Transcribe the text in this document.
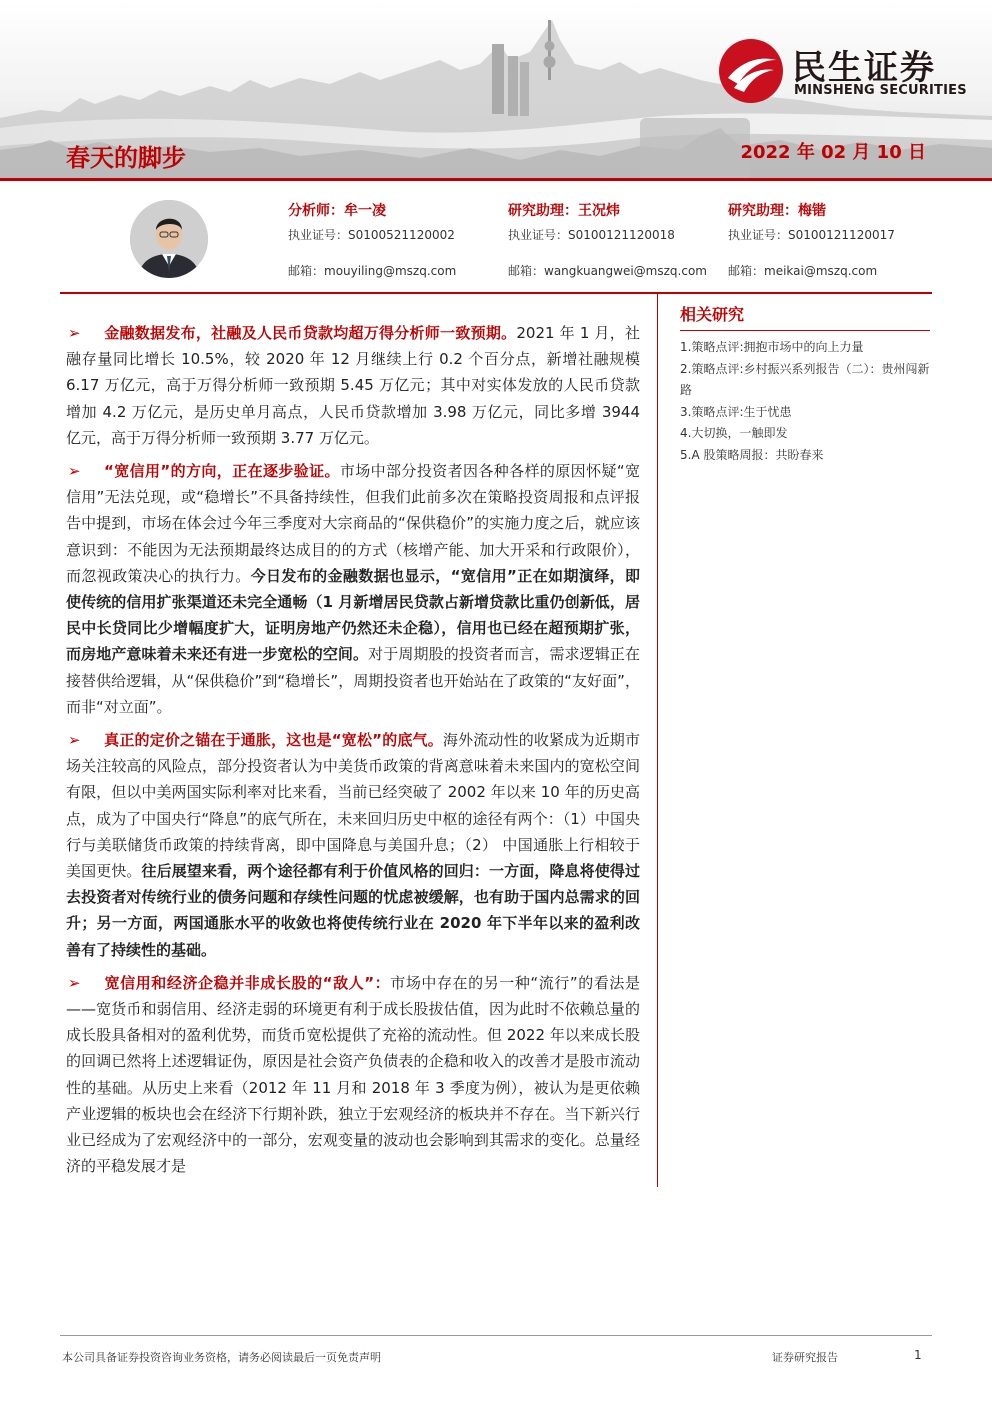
民生证券
MINSHENG SECURITIES
春天的脚步	2022 年 02 月 10 日
分析师：牟一凌
执业证号：S0100521120002
邮箱：mouyiling@mszq.com
研究助理：王况炜
执业证号：S0100121120018
邮箱：wangkuangwei@mszq.com
研究助理：梅锴
执业证号：S0100121120017
邮箱：meikai@mszq.com

➢ 金融数据发布，社融及人民币贷款均超万得分析师一致预期。2021 年 1 月，社融存量同比增长 10.5%，较 2020 年 12 月继续上行 0.2 个百分点，新增社融规模 6.17 万亿元，高于万得分析师一致预期 5.45 万亿元；其中对实体发放的人民币贷款增加 4.2 万亿元，是历史单月高点，人民币贷款增加 3.98 万亿元，同比多增 3944 亿元，高于万得分析师一致预期 3.77 万亿元。

➢ “宽信用”的方向，正在逐步验证。市场中部分投资者因各种各样的原因怀疑“宽信用”无法兑现，或“稳增长”不具备持续性，但我们此前多次在策略投资周报和点评报告中提到，市场在体会过今年三季度对大宗商品的“保供稳价”的实施力度之后，就应该意识到：不能因为无法预期最终达成目的的方式（核增产能、加大开采和行政限价），而忽视政策决心的执行力。今日发布的金融数据也显示，“宽信用”正在如期演绎，即使传统的信用扩张渠道还未完全通畅（1 月新增居民贷款占新增贷款比重仍创新低，居民中长贷同比少增幅度扩大，证明房地产仍然还未企稳），信用也已经在超预期扩张，而房地产意味着未来还有进一步宽松的空间。对于周期股的投资者而言，需求逻辑正在接替供给逻辑，从“保供稳价”到“稳增长”，周期投资者也开始站在了政策的“友好面”，而非“对立面”。

➢ 真正的定价之锚在于通胀，这也是“宽松”的底气。海外流动性的收紧成为近期市场关注较高的风险点，部分投资者认为中美货币政策的背离意味着未来国内的宽松空间有限，但以中美两国实际利率对比来看，当前已经突破了 2002 年以来 10 年的历史高点，成为了中国央行“降息”的底气所在，未来回归历史中枢的途径有两个：（1）中国央行与美联储货币政策的持续背离，即中国降息与美国升息；（2） 中国通胀上行相较于美国更快。往后展望来看，两个途径都有利于价值风格的回归：一方面，降息将使得过去投资者对传统行业的债务问题和存续性问题的忧虑被缓解，也有助于国内总需求的回升；另一方面，两国通胀水平的收敛也将使传统行业在 2020 年下半年以来的盈利改善有了持续性的基础。

➢ 宽信用和经济企稳并非成长股的“敌人”：市场中存在的另一种“流行”的看法是——宽货币和弱信用、经济走弱的环境更有利于成长股拔估值，因为此时不依赖总量的成长股具备相对的盈利优势，而货币宽松提供了充裕的流动性。但 2022 年以来成长股的回调已然将上述逻辑证伪，原因是社会资产负债表的企稳和收入的改善才是股市流动性的基础。从历史上来看（2012 年 11 月和 2018 年 3 季度为例），被认为是更依赖产业逻辑的板块也会在经济下行期补跌，独立于宏观经济的板块并不存在。当下新兴行业已经成为了宏观经济中的一部分，宏观变量的波动也会影响到其需求的变化。总量经济的平稳发展才是

相关研究
1.策略点评:拥抱市场中的向上力量
2.策略点评:乡村振兴系列报告（二）：贵州闯新路
3.策略点评:生于忧患
4.大切换，一触即发
5.A 股策略周报：共盼春来
本公司具备证券投资咨询业务资格，请务必阅读最后一页免责声明	证券研究报告	1
